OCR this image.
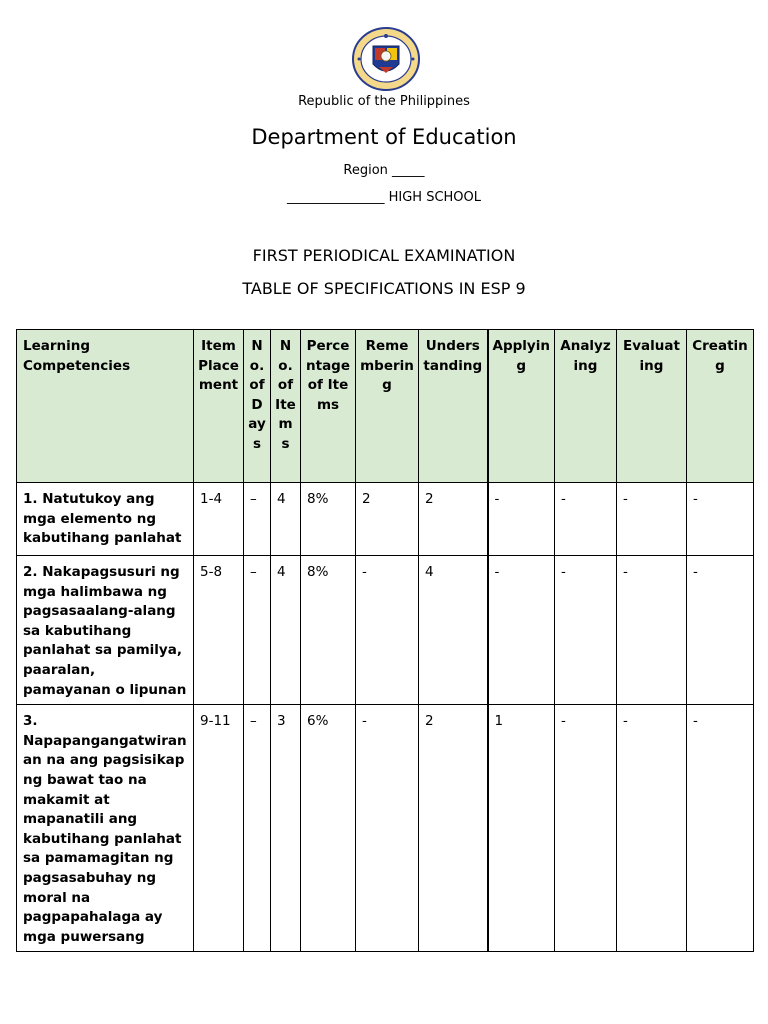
Republic of the Philippines
Department of Education
Region _____
_______________ HIGH SCHOOL
FIRST PERIODICAL EXAMINATION
TABLE OF SPECIFICATIONS IN ESP 9
Learning Competencies	Item Placement	No. of Days	No. of Items	Percentage of Items	Remembering	Understanding	Applying	Analyzing	Evaluating	Creating
1. Natutukoy ang mga elemento ng kabutihang panlahat	1-4	–	4	8%	2	2	-	-	-	-
2. Nakapagsusuri ng mga halimbawa ng pagsasaalang-alang sa kabutihang panlahat sa pamilya, paaralan, pamayanan o lipunan	5-8	–	4	8%	-	4	-	-	-	-
3. Napapangangatwiranan na ang pagsisikap ng bawat tao na makamit at mapanatili ang kabutihang panlahat sa pamamagitan ng pagsasabuhay ng moral na pagpapahalaga ay mga puwersang	9-11	–	3	6%	-	2	1	-	-	-
